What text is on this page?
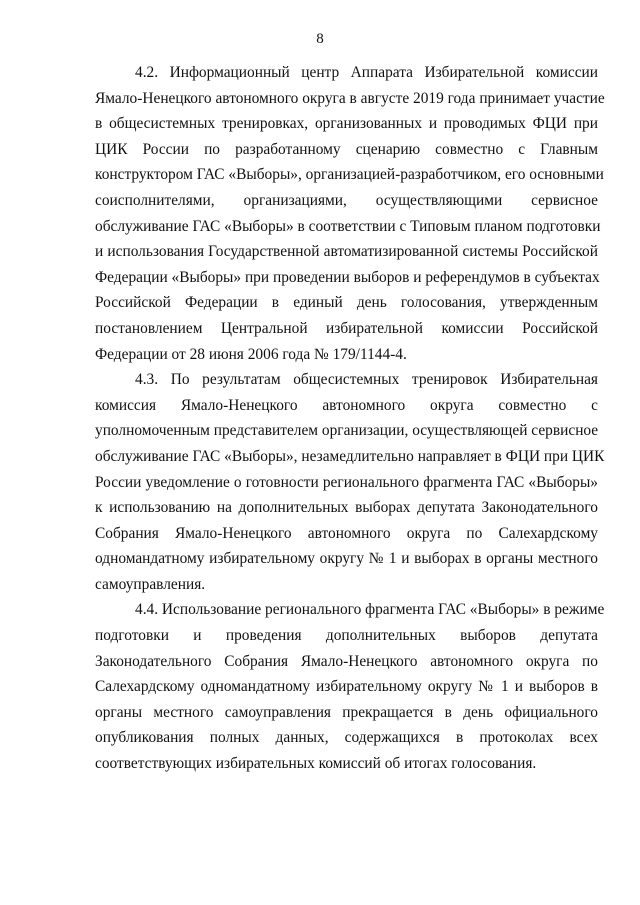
8
4.2. Информационный центр Аппарата Избирательной комиссии
Ямало-Ненецкого автономного округа в августе 2019 года принимает участие
в общесистемных тренировках, организованных и проводимых ФЦИ при
ЦИК России по разработанному сценарию совместно с Главным
конструктором ГАС «Выборы», организацией-разработчиком, его основными
соисполнителями, организациями, осуществляющими сервисное
обслуживание ГАС «Выборы» в соответствии с Типовым планом подготовки
и использования Государственной автоматизированной системы Российской
Федерации «Выборы» при проведении выборов и референдумов в субъектах
Российской Федерации в единый день голосования, утвержденным
постановлением Центральной избирательной комиссии Российской
Федерации от 28 июня 2006 года № 179/1144-4.
4.3. По результатам общесистемных тренировок Избирательная
комиссия Ямало-Ненецкого автономного округа совместно с
уполномоченным представителем организации, осуществляющей сервисное
обслуживание ГАС «Выборы», незамедлительно направляет в ФЦИ при ЦИК
России уведомление о готовности регионального фрагмента ГАС «Выборы»
к использованию на дополнительных выборах депутата Законодательного
Собрания Ямало-Ненецкого автономного округа по Салехардскому
одномандатному избирательному округу № 1 и выборах в органы местного
самоуправления.
4.4. Использование регионального фрагмента ГАС «Выборы» в режиме
подготовки и проведения дополнительных выборов депутата
Законодательного Собрания Ямало-Ненецкого автономного округа по
Салехардскому одномандатному избирательному округу № 1 и выборов в
органы местного самоуправления прекращается в день официального
опубликования полных данных, содержащихся в протоколах всех
соответствующих избирательных комиссий об итогах голосования.
